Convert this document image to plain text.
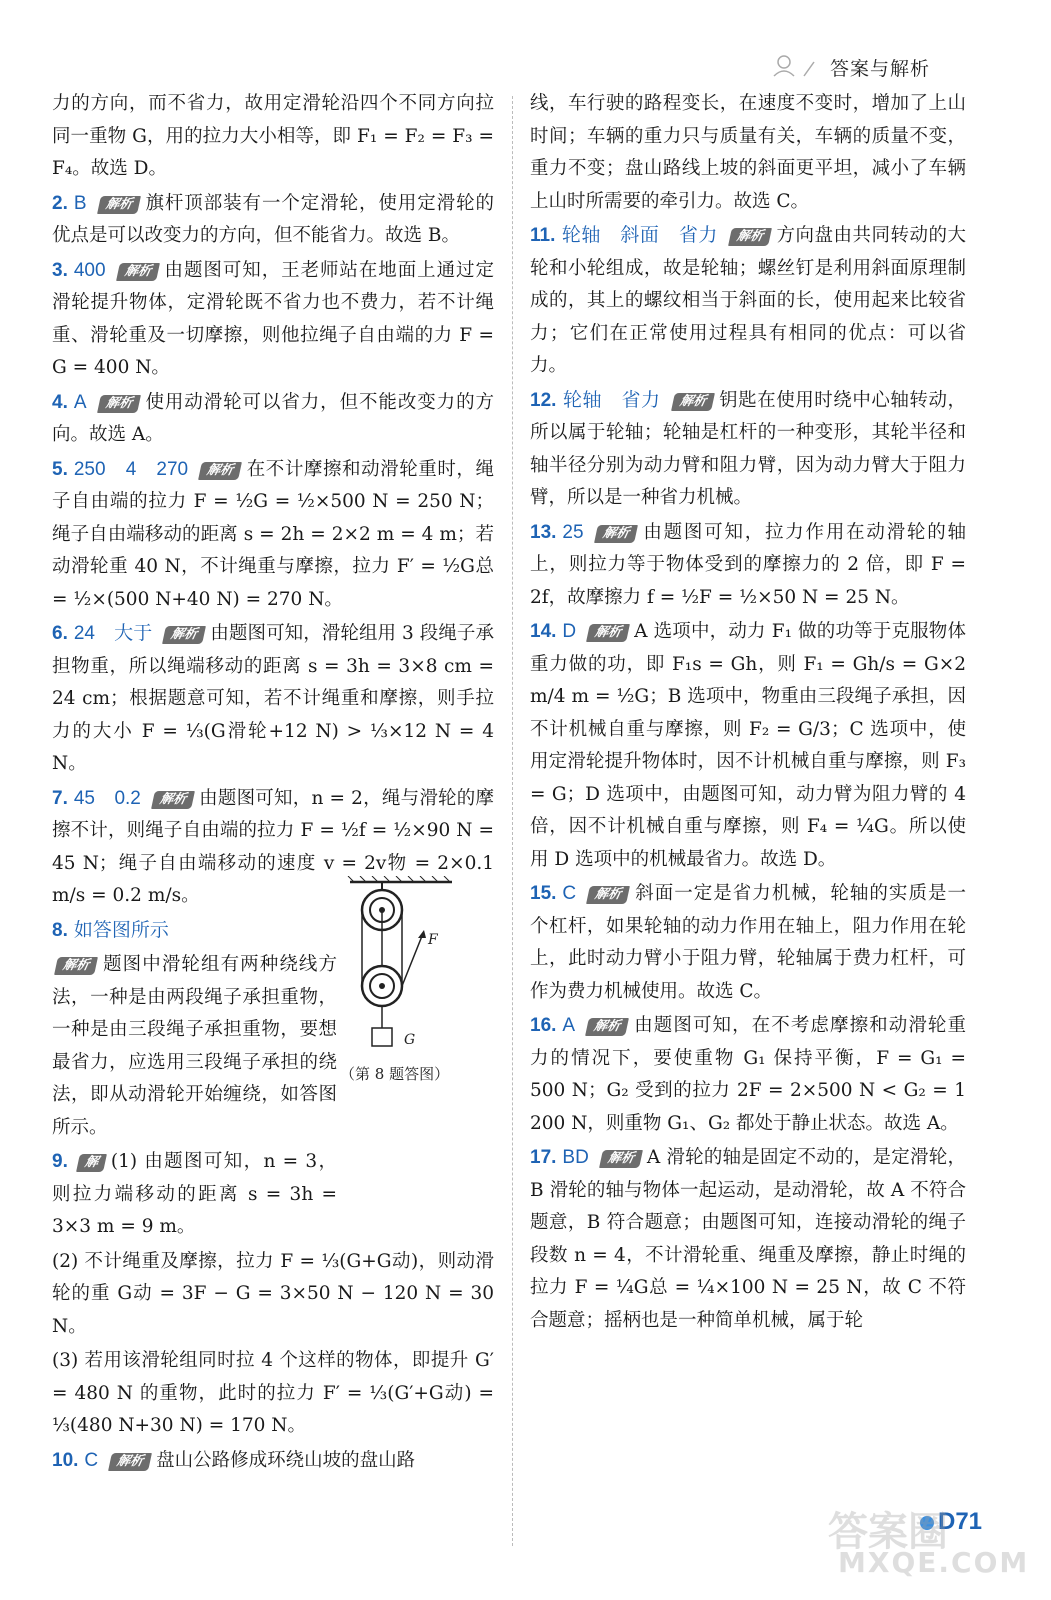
答案与解析
力的方向，而不省力，故用定滑轮沿四个不同方向拉同一重物 G，用的拉力大小相等，即 F₁ = F₂ = F₃ = F₄。故选 D。
2. B 解析 旗杆顶部装有一个定滑轮，使用定滑轮的优点是可以改变力的方向，但不能省力。故选 B。
3. 400 解析 由题图可知，王老师站在地面上通过定滑轮提升物体，定滑轮既不省力也不费力，若不计绳重、滑轮重及一切摩擦，则他拉绳子自由端的力 F = G = 400 N。
4. A 解析 使用动滑轮可以省力，但不能改变力的方向。故选 A。
5. 250　4　270 解析 在不计摩擦和动滑轮重时，绳子自由端的拉力 F = ½G = ½×500 N = 250 N；绳子自由端移动的距离 s = 2h = 2×2 m = 4 m；若动滑轮重 40 N，不计绳重与摩擦，拉力 F′ = ½G总 = ½×(500 N+40 N) = 270 N。
6. 24　大于 解析 由题图可知，滑轮组用 3 段绳子承担物重，所以绳端移动的距离 s = 3h = 3×8 cm = 24 cm；根据题意可知，若不计绳重和摩擦，则手拉力的大小 F = ⅓(G滑轮+12 N) > ⅓×12 N = 4 N。
7. 45　0.2 解析 由题图可知，n = 2，绳与滑轮的摩擦不计，则绳子自由端的拉力 F = ½f = ½×90 N = 45 N；绳子自由端移动的速度 v = 2v物 = 2×0.1 m/s = 0.2 m/s。
8. 如答图所示
解析 题图中滑轮组有两种绕线方法，一种是由两段绳子承担重物，一种是由三段绳子承担重物，要想最省力，应选用三段绳子承担的绕法，即从动滑轮开始缠绕，如答图所示。
9. 解 (1) 由题图可知，n = 3，则拉力端移动的距离 s = 3h = 3×3 m = 9 m。
(2) 不计绳重及摩擦，拉力 F = ⅓(G+G动)，则动滑轮的重 G动 = 3F − G = 3×50 N − 120 N = 30 N。
(3) 若用该滑轮组同时拉 4 个这样的物体，即提升 G′ = 480 N 的重物，此时的拉力 F′ = ⅓(G′+G动) = ⅓(480 N+30 N) = 170 N。
10. C 解析 盘山公路修成环绕山坡的盘山路
线，车行驶的路程变长，在速度不变时，增加了上山时间；车辆的重力只与质量有关，车辆的质量不变，重力不变；盘山路线上坡的斜面更平坦，减小了车辆上山时所需要的牵引力。故选 C。
11. 轮轴　斜面　省力 解析 方向盘由共同转动的大轮和小轮组成，故是轮轴；螺丝钉是利用斜面原理制成的，其上的螺纹相当于斜面的长，使用起来比较省力；它们在正常使用过程具有相同的优点：可以省力。
12. 轮轴　省力 解析 钥匙在使用时绕中心轴转动，所以属于轮轴；轮轴是杠杆的一种变形，其轮半径和轴半径分别为动力臂和阻力臂，因为动力臂大于阻力臂，所以是一种省力机械。
13. 25 解析 由题图可知，拉力作用在动滑轮的轴上，则拉力等于物体受到的摩擦力的 2 倍，即 F = 2f，故摩擦力 f = ½F = ½×50 N = 25 N。
14. D 解析 A 选项中，动力 F₁ 做的功等于克服物体重力做的功，即 F₁s = Gh，则 F₁ = Gh/s = G×2 m/4 m = ½G；B 选项中，物重由三段绳子承担，因不计机械自重与摩擦，则 F₂ = G/3；C 选项中，使用定滑轮提升物体时，因不计机械自重与摩擦，则 F₃ = G；D 选项中，由题图可知，动力臂为阻力臂的 4 倍，因不计机械自重与摩擦，则 F₄ = ¼G。所以使用 D 选项中的机械最省力。故选 D。
15. C 解析 斜面一定是省力机械，轮轴的实质是一个杠杆，如果轮轴的动力作用在轴上，阻力作用在轮上，此时动力臂小于阻力臂，轮轴属于费力杠杆，可作为费力机械使用。故选 C。
16. A 解析 由题图可知，在不考虑摩擦和动滑轮重力的情况下，要使重物 G₁ 保持平衡，F = G₁ = 500 N；G₂ 受到的拉力 2F = 2×500 N < G₂ = 1 200 N，则重物 G₁、G₂ 都处于静止状态。故选 A。
17. BD 解析 A 滑轮的轴是固定不动的，是定滑轮，B 滑轮的轴与物体一起运动，是动滑轮，故 A 不符合题意，B 符合题意；由题图可知，连接动滑轮的绳子段数 n = 4，不计滑轮重、绳重及摩擦，静止时绳的拉力 F = ¼G总 = ¼×100 N = 25 N，故 C 不符合题意；摇柄也是一种简单机械，属于轮
F
G
（第 8 题答图）
D71
答案圈
MXQE.COM
